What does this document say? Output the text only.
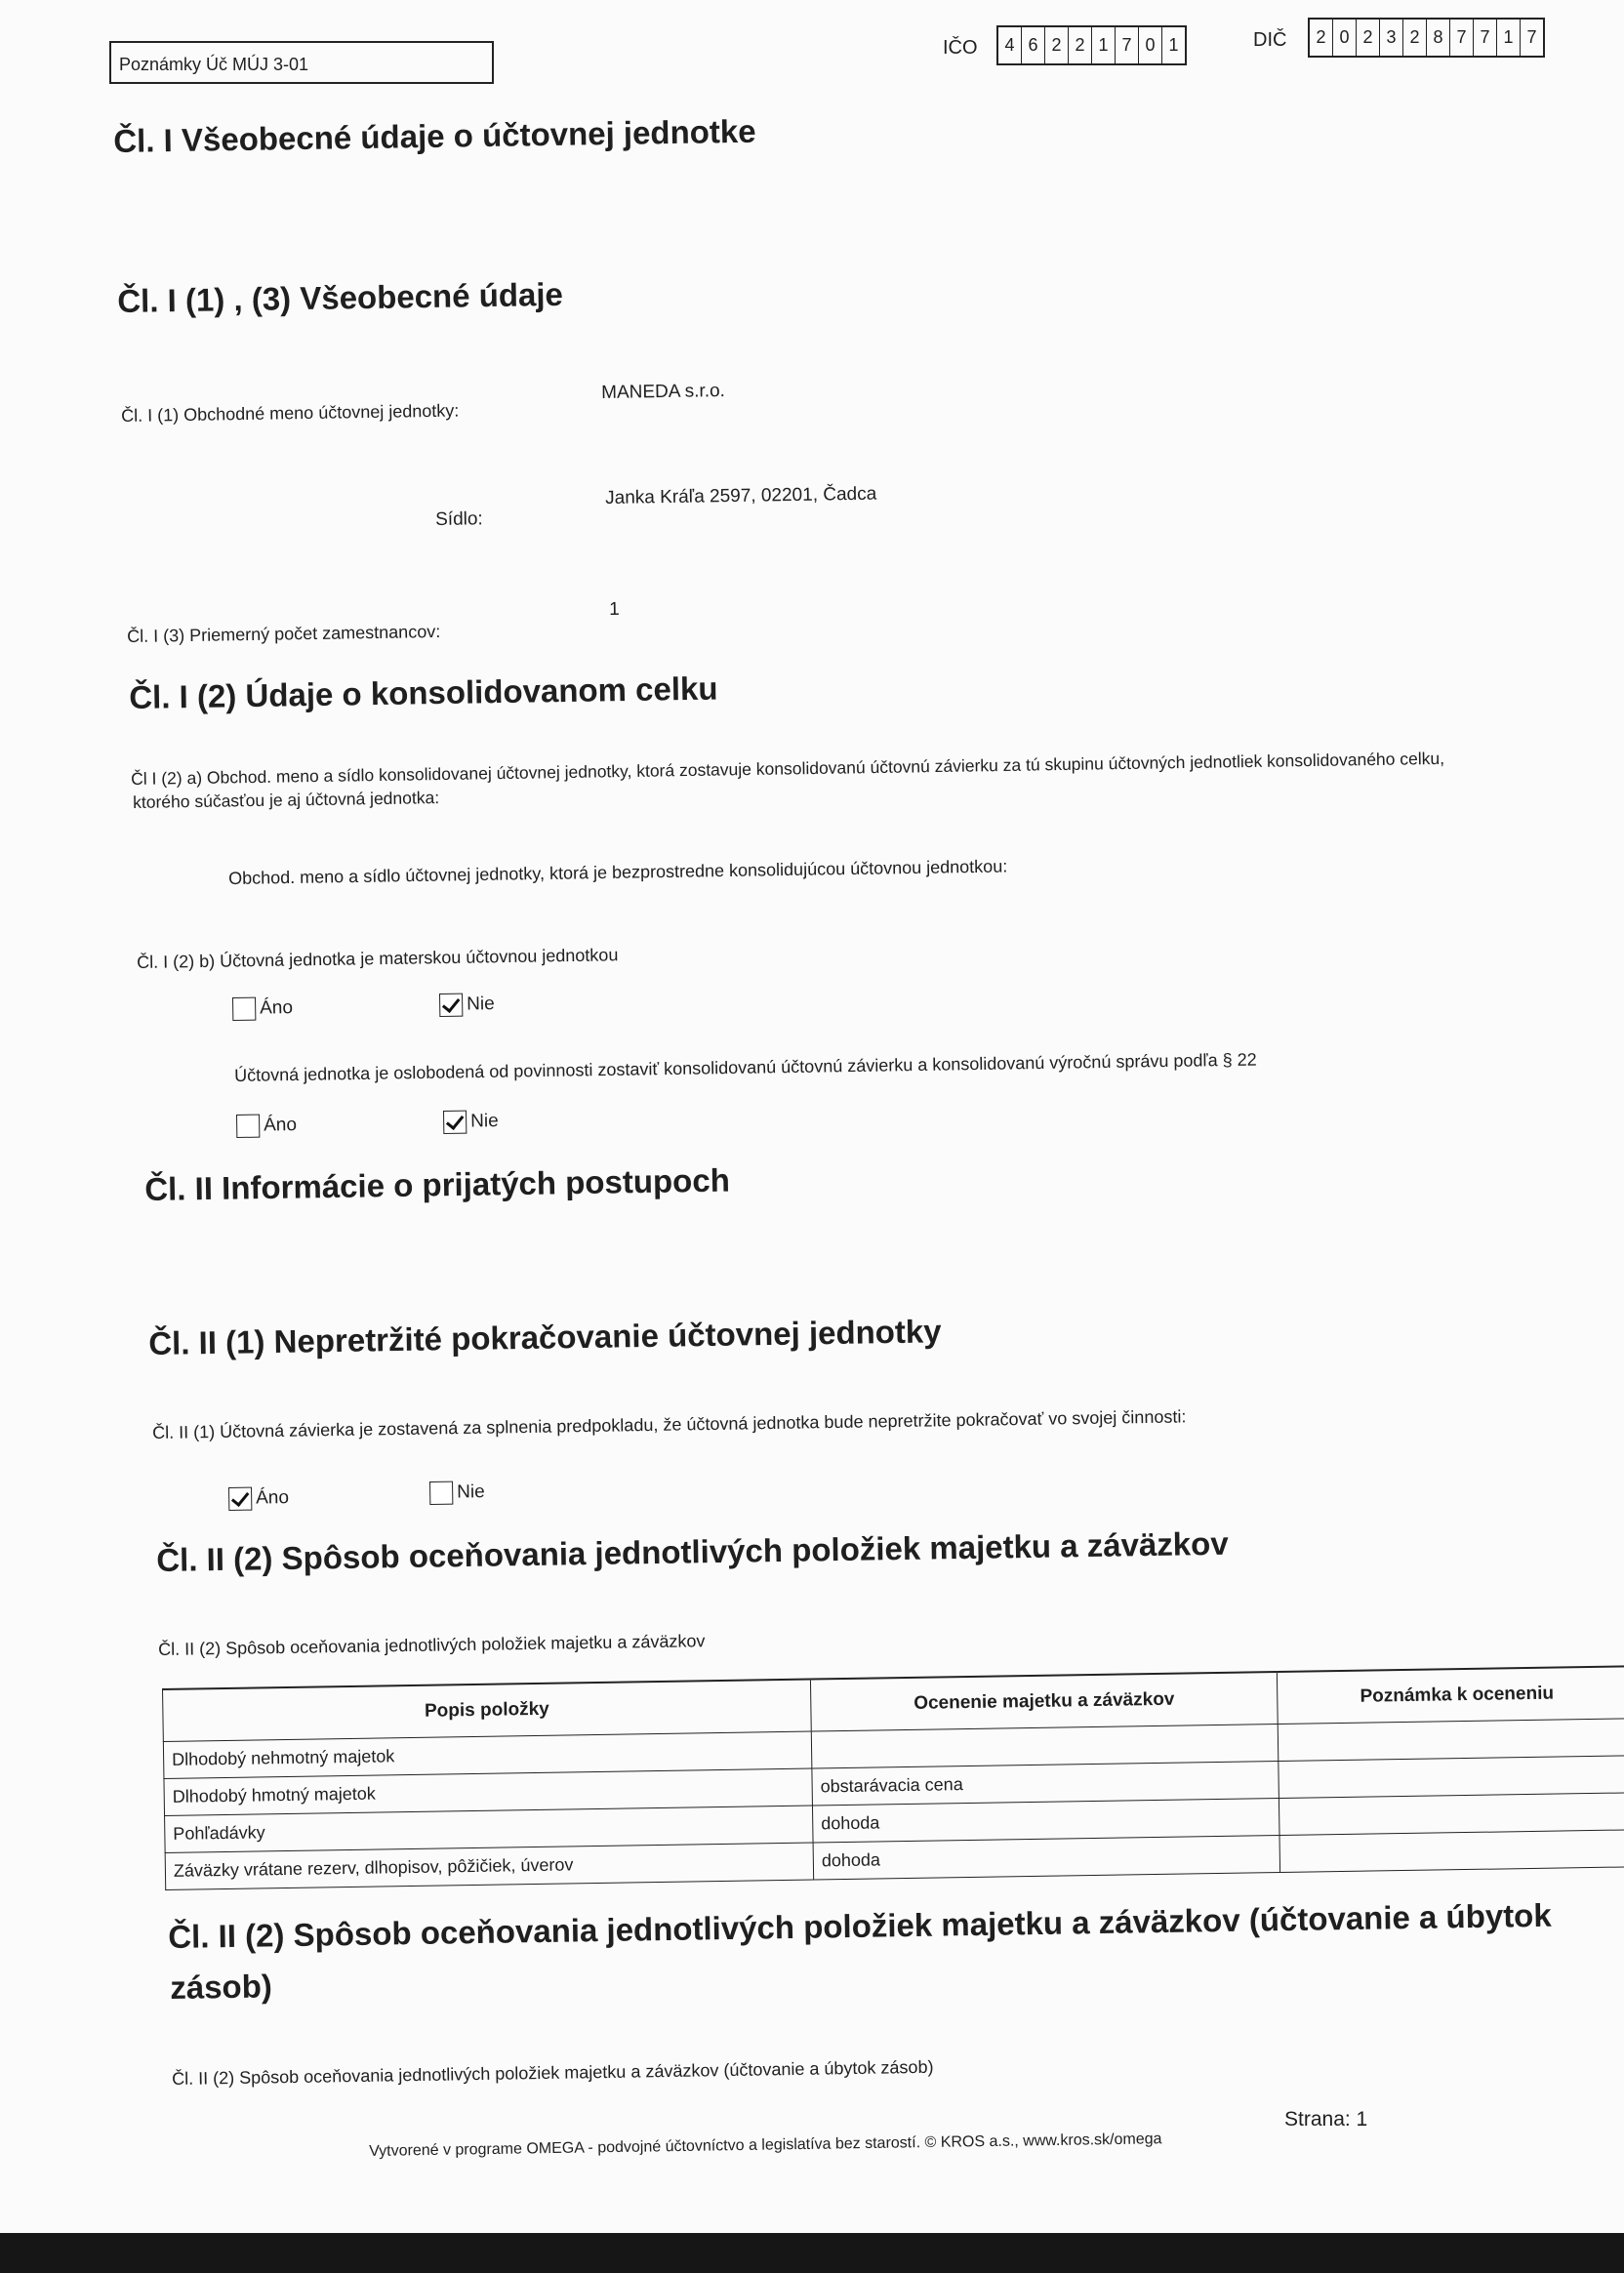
Poznámky Úč MÚJ 3-01
IČO	4 6 2 2 1 7 0 1	DIČ	2 0 2 3 2 8 7 7 1 7
Čl. I Všeobecné údaje o účtovnej jednotke
Čl. I (1) , (3) Všeobecné údaje
Čl. I (1) Obchodné meno účtovnej jednotky:
MANEDA s.r.o.
Sídlo:
Janka Kráľa 2597, 02201, Čadca
1
Čl. I (3) Priemerný počet zamestnancov:
Čl. I (2) Údaje o konsolidovanom celku
Čl I (2) a) Obchod. meno a sídlo konsolidovanej účtovnej jednotky, ktorá zostavuje konsolidovanú účtovnú závierku za tú skupinu účtovných jednotliek konsolidovaného celku,
ktorého súčasťou je aj účtovná jednotka:
Obchod. meno a sídlo účtovnej jednotky, ktorá je bezprostredne konsolidujúcou účtovnou jednotkou:
Čl. I (2) b) Účtovná jednotka je materskou účtovnou jednotkou
Áno	Nie
Účtovná jednotka je oslobodená od povinnosti zostaviť konsolidovanú účtovnú závierku a konsolidovanú výročnú správu podľa § 22
Áno	Nie
Čl. II Informácie o prijatých postupoch
Čl. II (1) Nepretržité pokračovanie účtovnej jednotky
Čl. II (1) Účtovná závierka je zostavená za splnenia predpokladu, že účtovná jednotka bude nepretržite pokračovať vo svojej činnosti:
Áno	Nie
Čl. II (2) Spôsob oceňovania jednotlivých položiek majetku a záväzkov
Čl. II (2) Spôsob oceňovania jednotlivých položiek majetku a záväzkov
Popis položky	Ocenenie majetku a záväzkov	Poznámka k oceneniu
Dlhodobý nehmotný majetok		
Dlhodobý hmotný majetok	obstarávacia cena	
Pohľadávky	dohoda	
Záväzky vrátane rezerv, dlhopisov, pôžičiek, úverov	dohoda	
Čl. II (2) Spôsob oceňovania jednotlivých položiek majetku a záväzkov (účtovanie a úbytok
zásob)
Čl. II (2) Spôsob oceňovania jednotlivých položiek majetku a záväzkov (účtovanie a úbytok zásob)
Strana: 1
Vytvorené v programe OMEGA - podvojné účtovníctvo a legislatíva bez starostí. © KROS a.s., www.kros.sk/omega
